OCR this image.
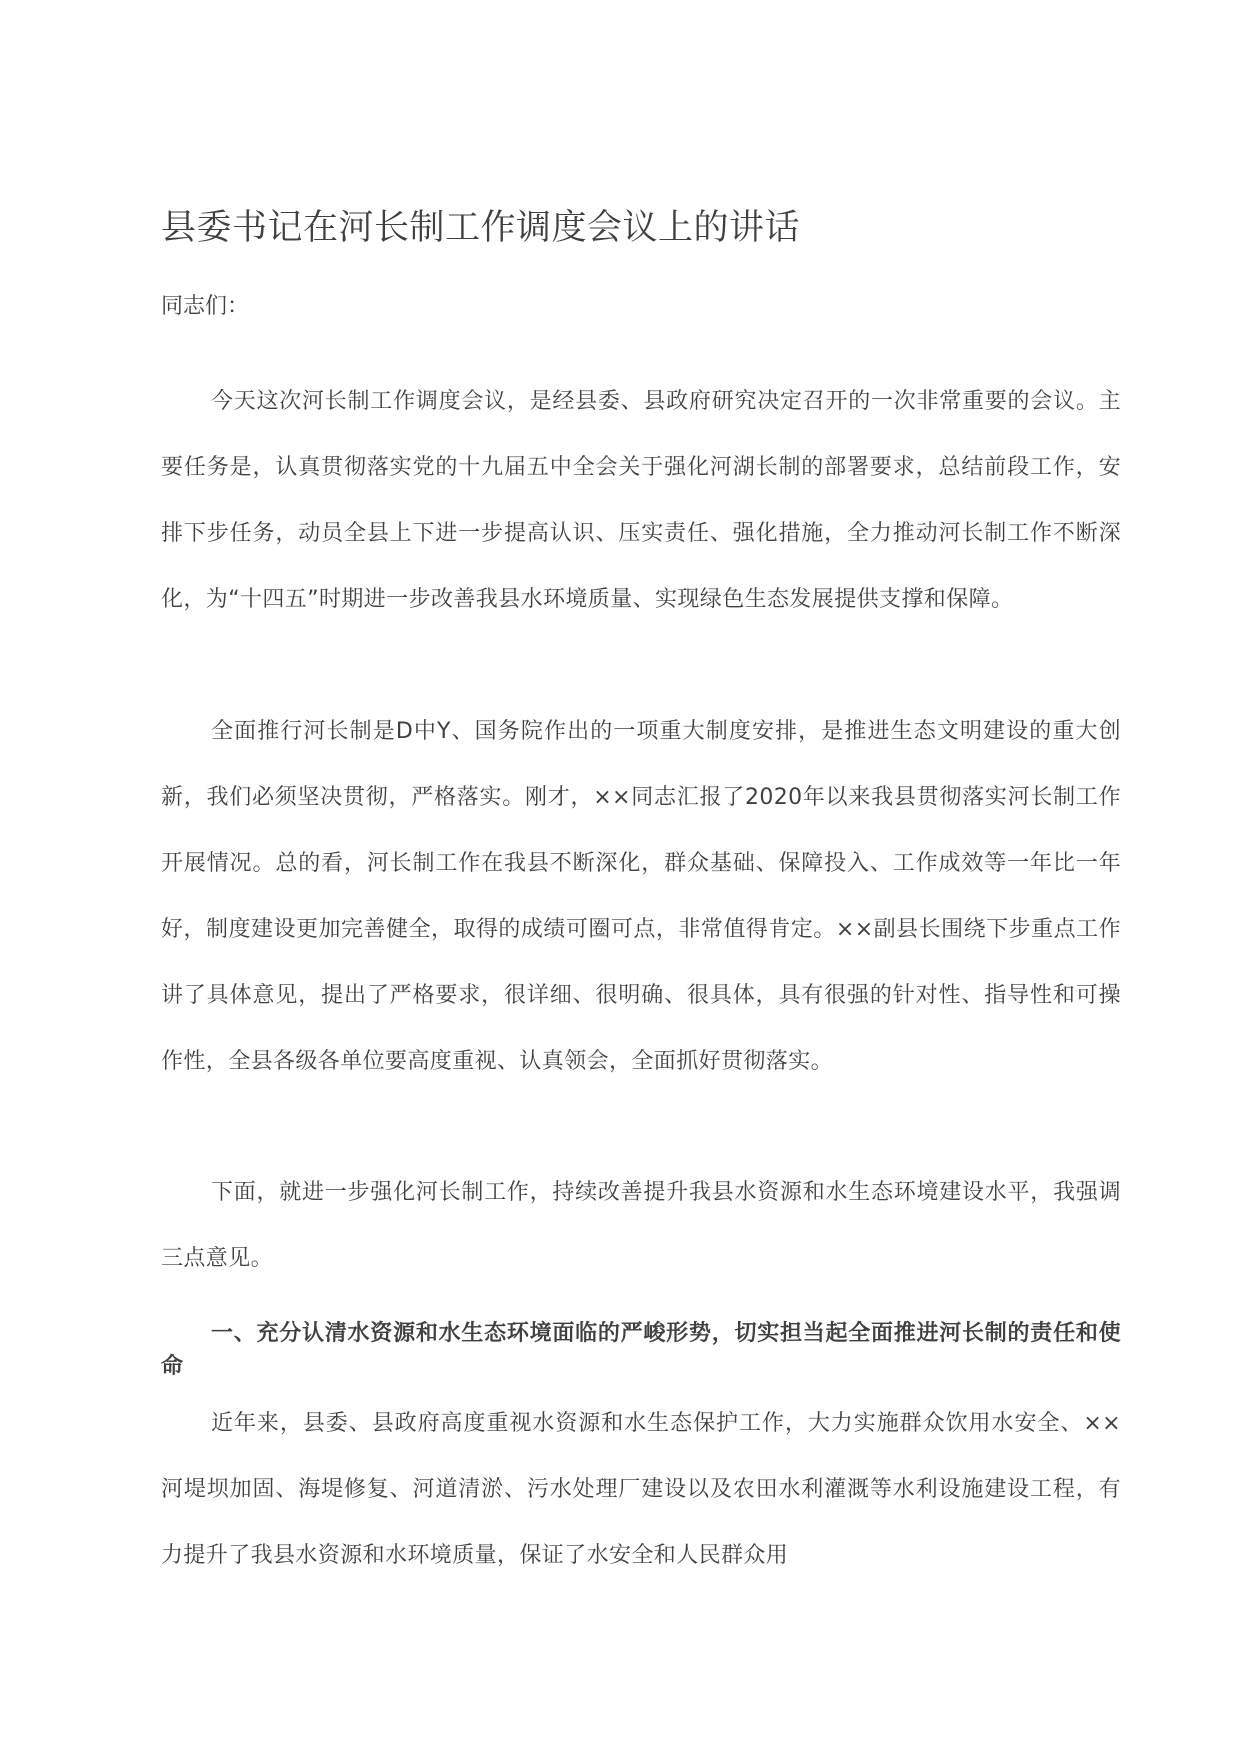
县委书记在河长制工作调度会议上的讲话

同志们：

今天这次河长制工作调度会议，是经县委、县政府研究决定召开的一次非常重要的会议。主要任务是，认真贯彻落实党的十九届五中全会关于强化河湖长制的部署要求，总结前段工作，安排下步任务，动员全县上下进一步提高认识、压实责任、强化措施，全力推动河长制工作不断深化，为“十四五”时期进一步改善我县水环境质量、实现绿色生态发展提供支撑和保障。

全面推行河长制是D中Y、国务院作出的一项重大制度安排，是推进生态文明建设的重大创新，我们必须坚决贯彻，严格落实。刚才，××同志汇报了2020年以来我县贯彻落实河长制工作开展情况。总的看，河长制工作在我县不断深化，群众基础、保障投入、工作成效等一年比一年好，制度建设更加完善健全，取得的成绩可圈可点，非常值得肯定。××副县长围绕下步重点工作讲了具体意见，提出了严格要求，很详细、很明确、很具体，具有很强的针对性、指导性和可操作性，全县各级各单位要高度重视、认真领会，全面抓好贯彻落实。

下面，就进一步强化河长制工作，持续改善提升我县水资源和水生态环境建设水平，我强调三点意见。

一、充分认清水资源和水生态环境面临的严峻形势，切实担当起全面推进河长制的责任和使命

近年来，县委、县政府高度重视水资源和水生态保护工作，大力实施群众饮用水安全、××河堤坝加固、海堤修复、河道清淤、污水处理厂建设以及农田水利灌溉等水利设施建设工程，有力提升了我县水资源和水环境质量，保证了水安全和人民群众用
